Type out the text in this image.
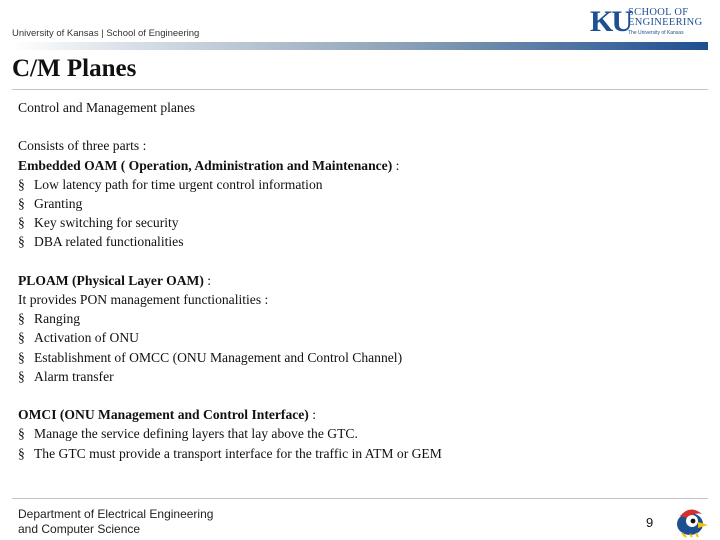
University of Kansas | School of Engineering	KU
SCHOOL OF
ENGINEERING
The University of Kansas
C/M Planes

Control and Management planes

Consists of three parts :

Embedded OAM ( Operation, Administration and Maintenance) :

§ Low latency path for time urgent control information

§ Granting

§ Key switching for security

§ DBA related functionalities

PLOAM (Physical Layer OAM) :

It provides PON management functionalities :

§ Ranging

§ Activation of ONU

§ Establishment of OMCC (ONU Management and Control Channel)

§ Alarm transfer

OMCI (ONU Management and Control Interface) :

§ Manage the service defining layers that lay above the GTC.

§ The GTC must provide a transport interface for the traffic in ATM or GEM

Department of Electrical Engineering
and Computer Science	9
